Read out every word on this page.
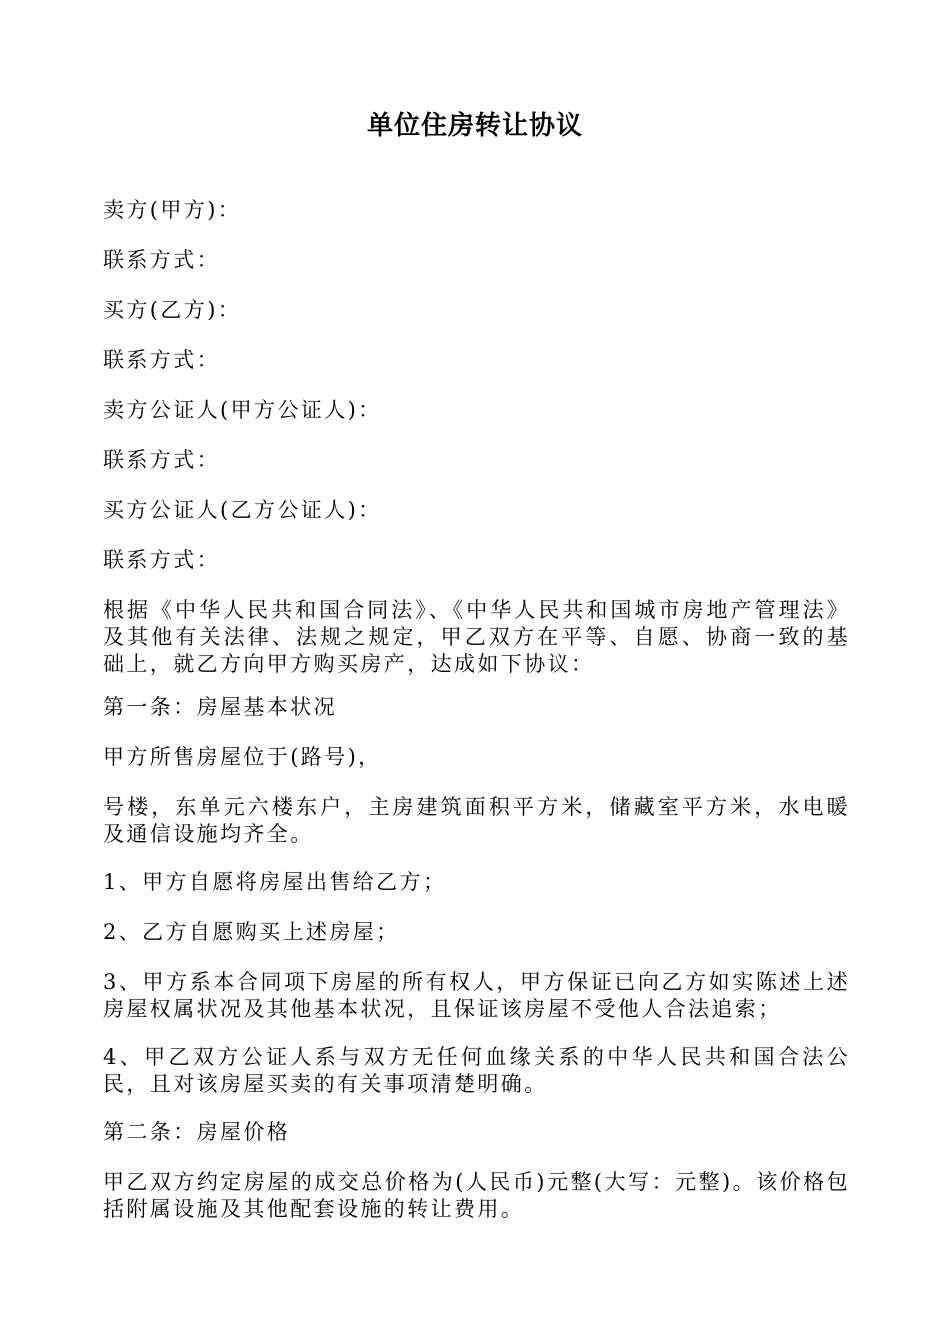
单位住房转让协议

卖方(甲方)：

联系方式：

买方(乙方)：

联系方式：

卖方公证人(甲方公证人)：

联系方式：

买方公证人(乙方公证人)：

联系方式：

根据《中华人民共和国合同法》、《中华人民共和国城市房地产管理法》及其他有关法律、法规之规定，甲乙双方在平等、自愿、协商一致的基础上，就乙方向甲方购买房产，达成如下协议：

第一条：房屋基本状况

甲方所售房屋位于(路号)，

号楼，东单元六楼东户，主房建筑面积平方米，储藏室平方米，水电暖及通信设施均齐全。

1、甲方自愿将房屋出售给乙方；

2、乙方自愿购买上述房屋；

3、甲方系本合同项下房屋的所有权人，甲方保证已向乙方如实陈述上述房屋权属状况及其他基本状况，且保证该房屋不受他人合法追索；

4、甲乙双方公证人系与双方无任何血缘关系的中华人民共和国合法公民，且对该房屋买卖的有关事项清楚明确。

第二条：房屋价格

甲乙双方约定房屋的成交总价格为(人民币)元整(大写：元整)。该价格包括附属设施及其他配套设施的转让费用。
